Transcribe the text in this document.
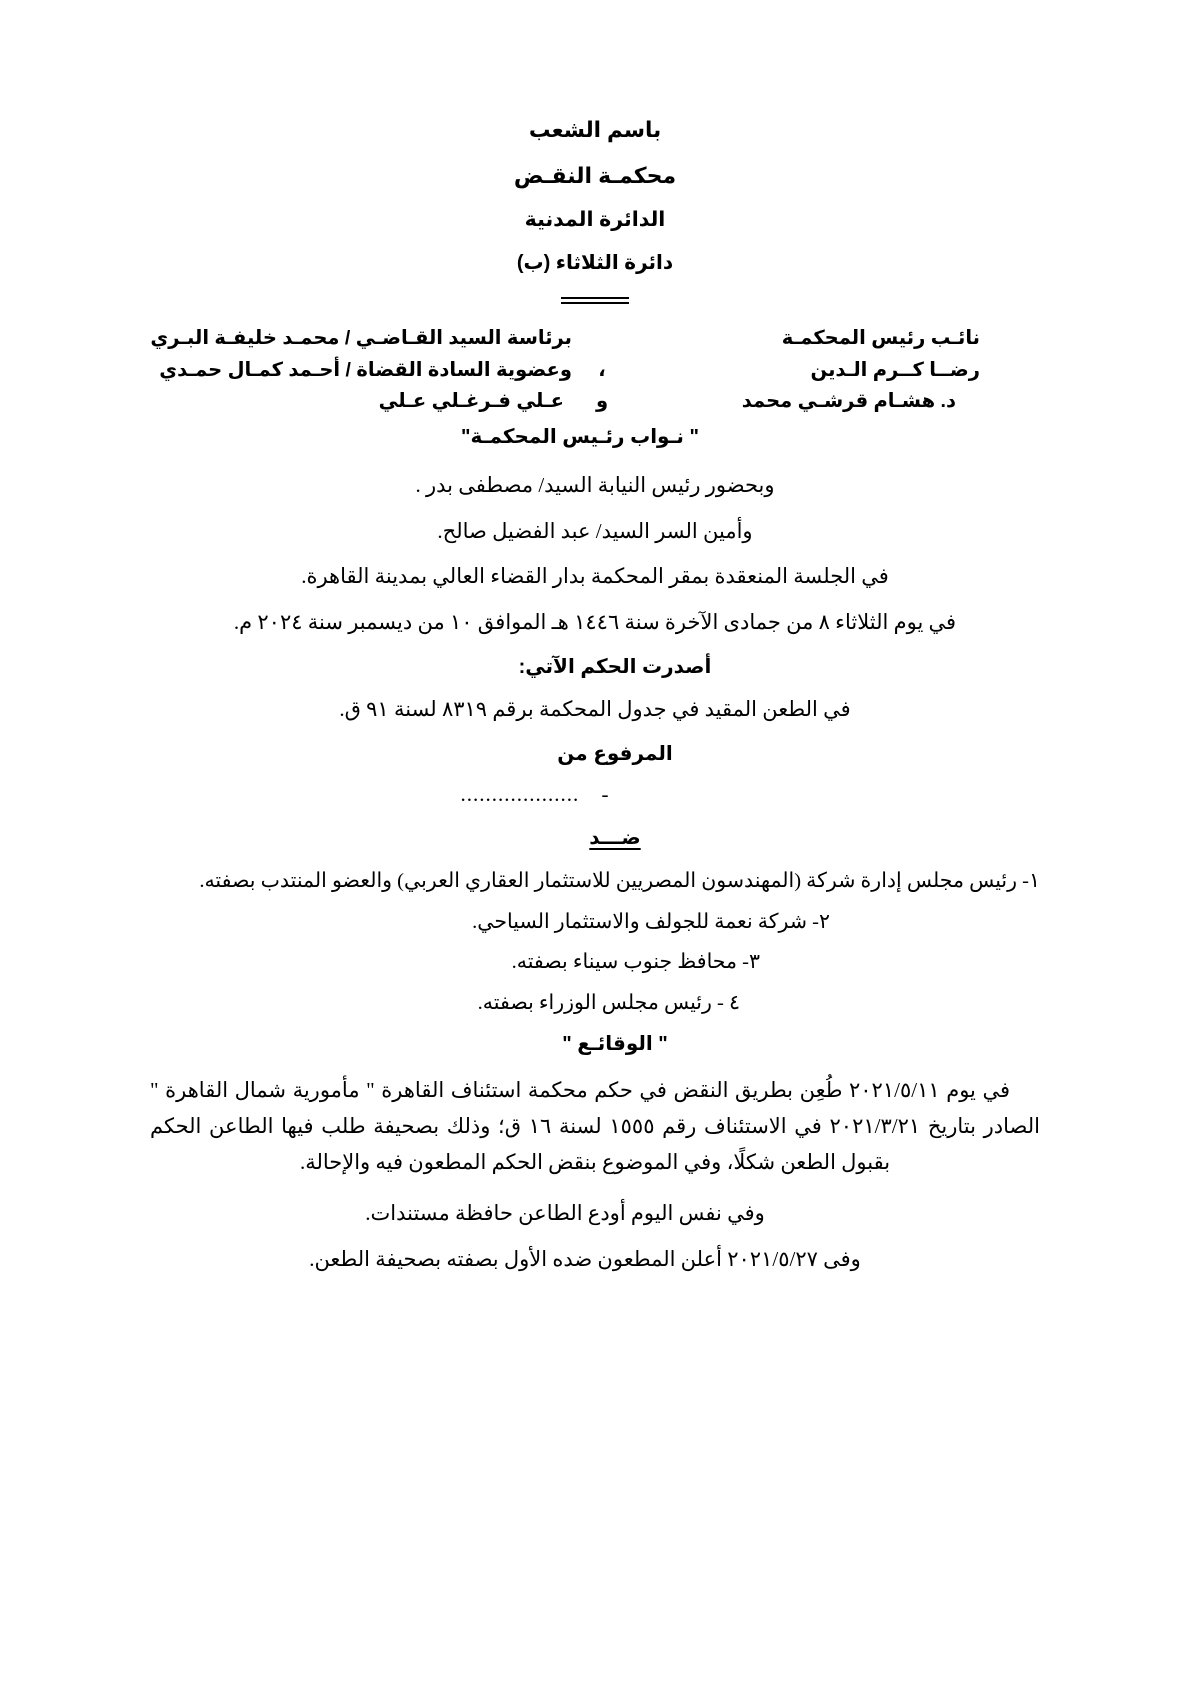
باسم الشعب
محكمـة النقـض
الدائرة المدنية
دائرة الثلاثاء (ب)
نائـب رئيس المحكمـة
برئاسة السيد القـاضـي / محمـد خليفـة البـري
رضــا كــرم الـدين
،
وعضوية السادة القضاة / أحـمد كمـال حمـدي
د. هشـام قرشـي محمد
و
عـلي فـرغـلي عـلي
" نـواب رئـيس المحكمـة"
وبحضور رئيس النيابة السيد/ مصطفى بدر .
وأمين السر السيد/ عبد الفضيل صالح.
في الجلسة المنعقدة بمقر المحكمة بدار القضاء العالي بمدينة القاهرة.
في يوم الثلاثاء ٨ من جمادى الآخرة سنة ١٤٤٦ هـ الموافق ١٠ من ديسمبر سنة ٢٠٢٤ م.
أصدرت الحكم الآتي:
في الطعن المقيد في جدول المحكمة برقم ٨٣١٩ لسنة ٩١ ق.
المرفوع من
- ...................
ضـــد
١- رئيس مجلس إدارة شركة (المهندسون المصريين للاستثمار العقاري العربي) والعضو المنتدب بصفته.
٢- شركة نعمة للجولف والاستثمار السياحي.
٣- محافظ جنوب سيناء بصفته.
٤ - رئيس مجلس الوزراء بصفته.
" الوقائـع "
في يوم ٢٠٢١/٥/١١ طُعِن بطريق النقض في حكم محكمة استئناف القاهرة " مأمورية شمال القاهرة " الصادر بتاريخ ٢٠٢١/٣/٢١ في الاستئناف رقم ١٥٥٥ لسنة ١٦ ق؛ وذلك بصحيفة طلب فيها الطاعن الحكم بقبول الطعن شكلًا، وفي الموضوع بنقض الحكم المطعون فيه والإحالة.
وفي نفس اليوم أودع الطاعن حافظة مستندات.
وفى ٢٠٢١/٥/٢٧ أعلن المطعون ضده الأول بصفته بصحيفة الطعن.
